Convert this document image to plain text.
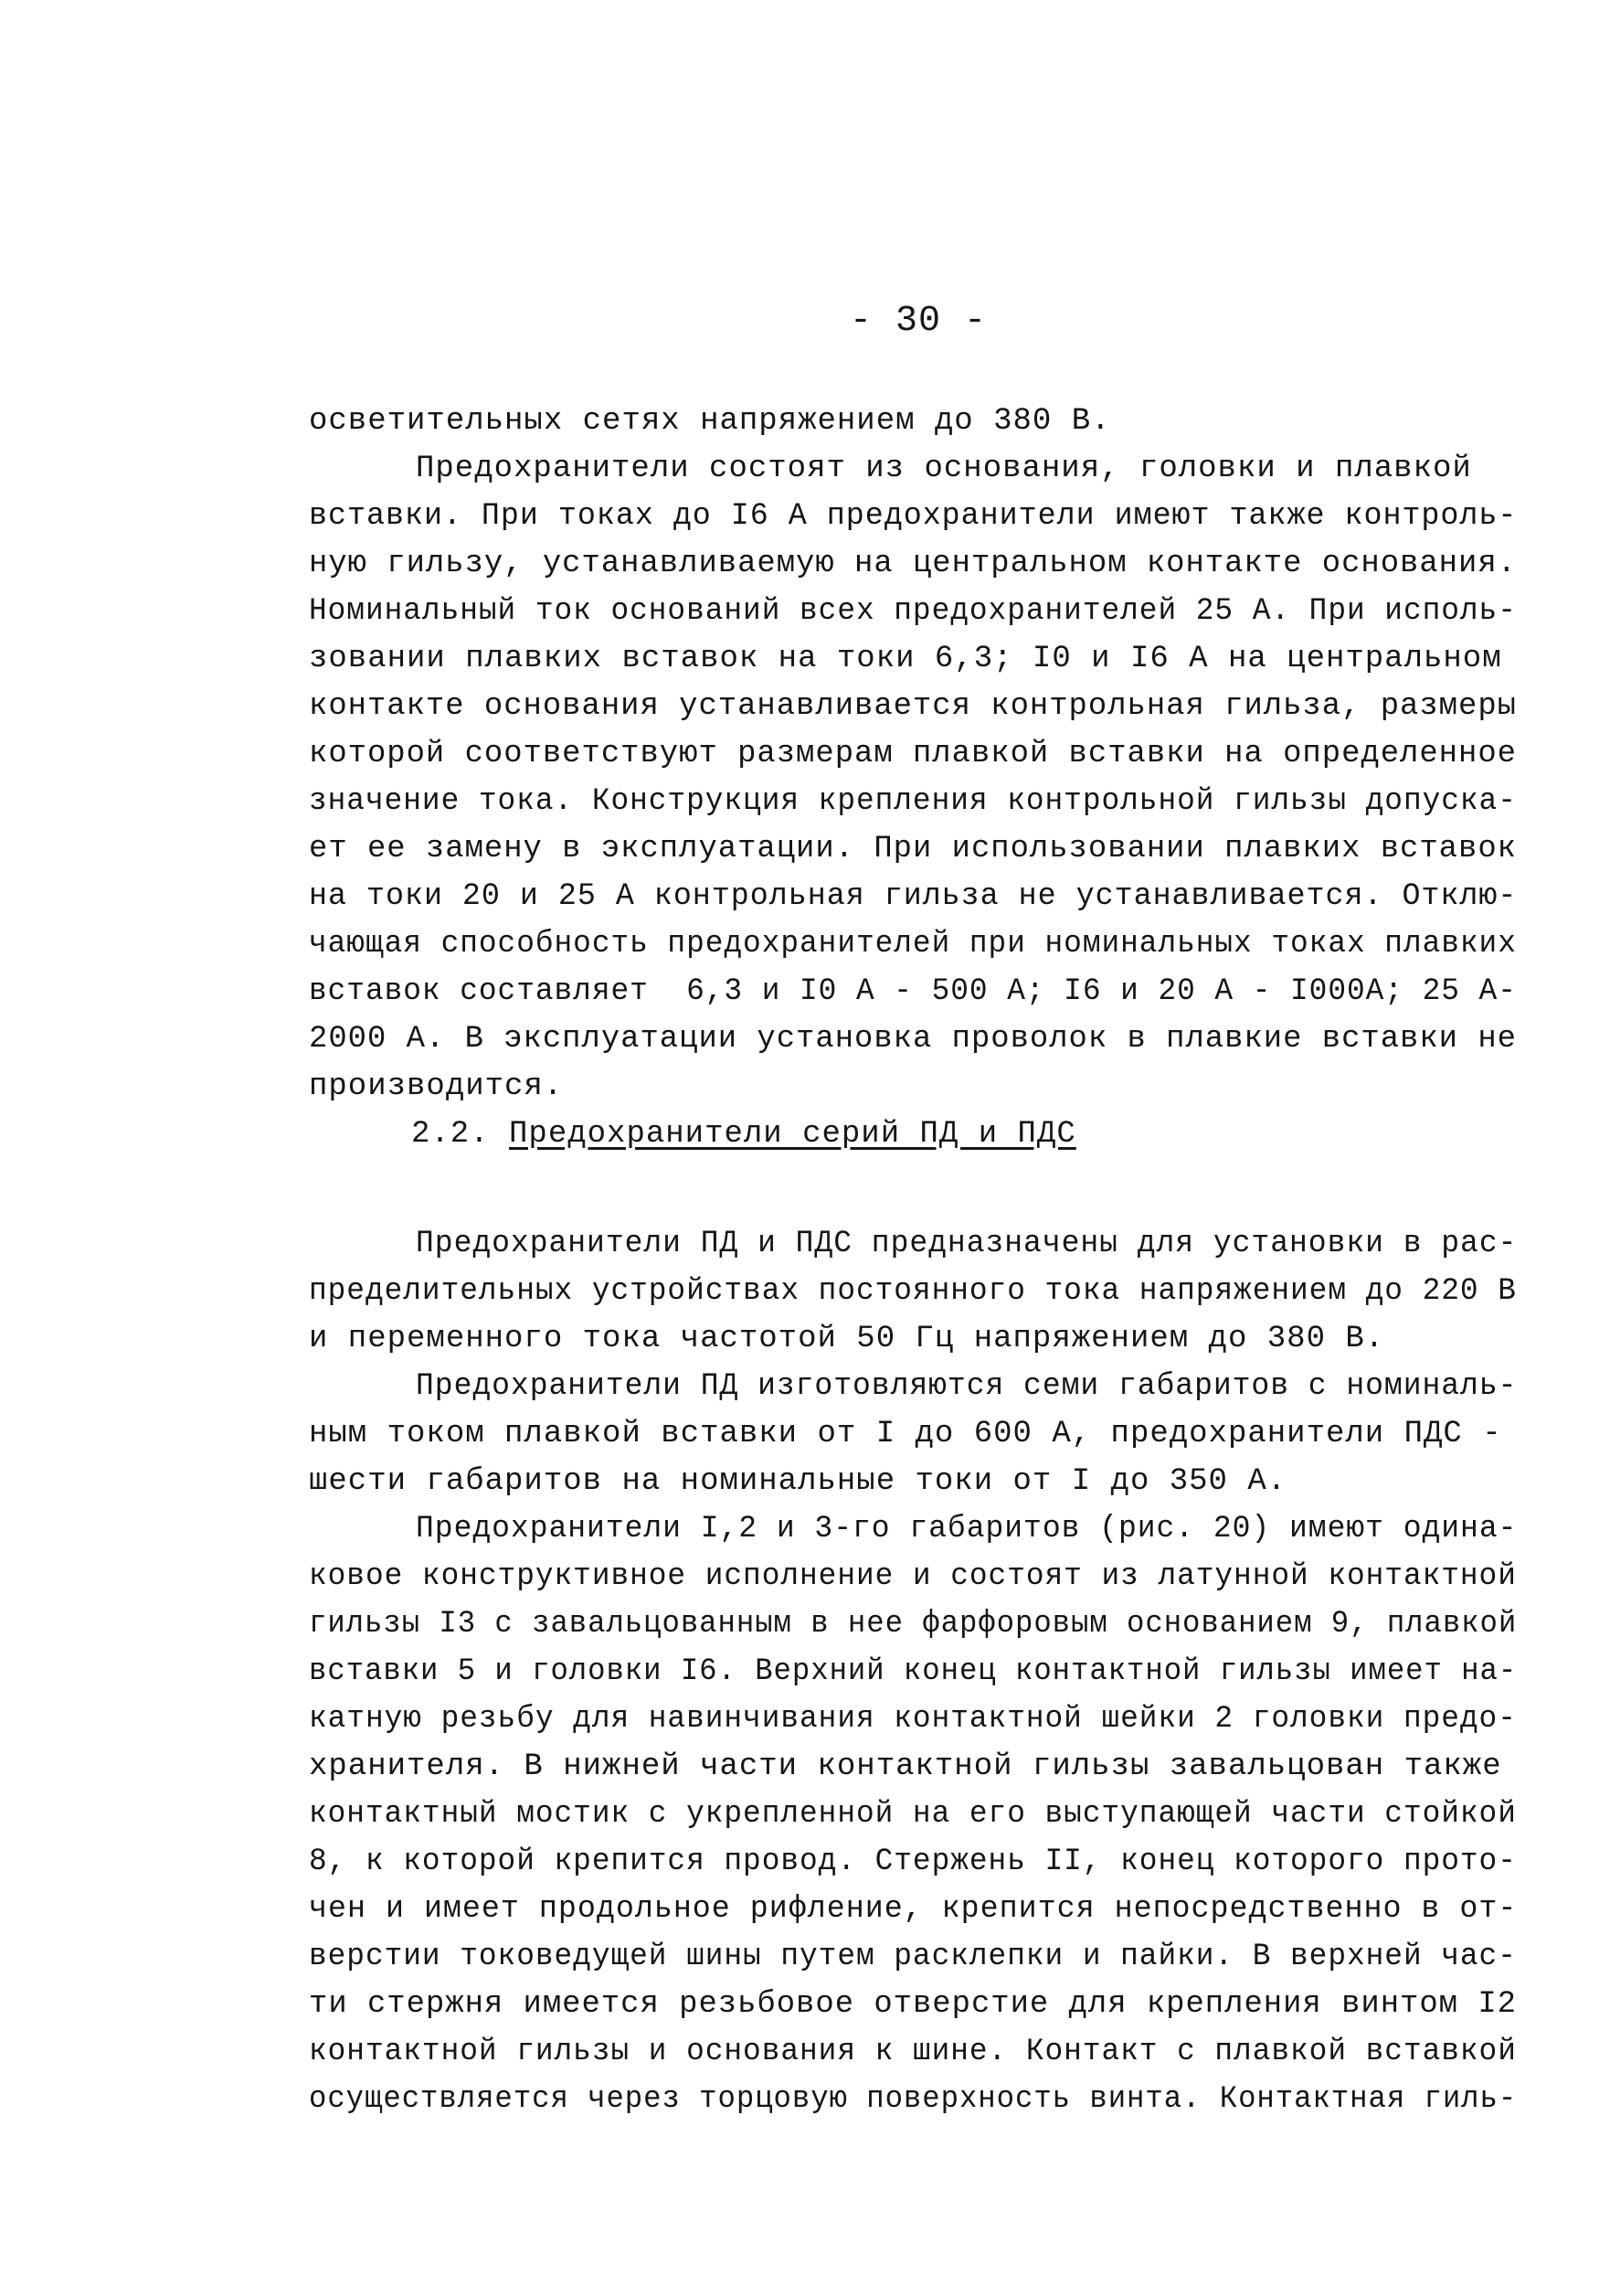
- 30 -
осветительных сетях напряжением до 380 В.
Предохранители состоят из основания, головки и плавкой
вставки. При токах до I6 А предохранители имеют также контроль-
ную гильзу, устанавливаемую на центральном контакте основания.
Номинальный ток оснований всех предохранителей 25 А. При исполь-
зовании плавких вставок на токи 6,3; I0 и I6 А на центральном
контакте основания устанавливается контрольная гильза, размеры
которой соответствуют размерам плавкой вставки на определенное
значение тока. Конструкция крепления контрольной гильзы допуска-
ет ее замену в эксплуатации. При использовании плавких вставок
на токи 20 и 25 А контрольная гильза не устанавливается. Отклю-
чающая способность предохранителей при номинальных токах плавких
вставок составляет  6,3 и I0 А - 500 А; I6 и 20 А - I000А; 25 А-
2000 А. В эксплуатации установка проволок в плавкие вставки не
производится.
2.2. Предохранители серий ПД и ПДС
Предохранители ПД и ПДС предназначены для установки в рас-
пределительных устройствах постоянного тока напряжением до 220 В
и переменного тока частотой 50 Гц напряжением до 380 В.
Предохранители ПД изготовляются семи габаритов с номиналь-
ным током плавкой вставки от I до 600 А, предохранители ПДС -
шести габаритов на номинальные токи от I до 350 А.
Предохранители I,2 и 3-го габаритов (рис. 20) имеют одина-
ковое конструктивное исполнение и состоят из латунной контактной
гильзы I3 с завальцованным в нее фарфоровым основанием 9, плавкой
вставки 5 и головки I6. Верхний конец контактной гильзы имеет на-
катную резьбу для навинчивания контактной шейки 2 головки предо-
хранителя. В нижней части контактной гильзы завальцован также
контактный мостик с укрепленной на его выступающей части стойкой
8, к которой крепится провод. Стержень II, конец которого прото-
чен и имеет продольное рифление, крепится непосредственно в от-
верстии токоведущей шины путем расклепки и пайки. В верхней час-
ти стержня имеется резьбовое отверстие для крепления винтом I2
контактной гильзы и основания к шине. Контакт с плавкой вставкой
осуществляется через торцовую поверхность винта. Контактная гиль-
